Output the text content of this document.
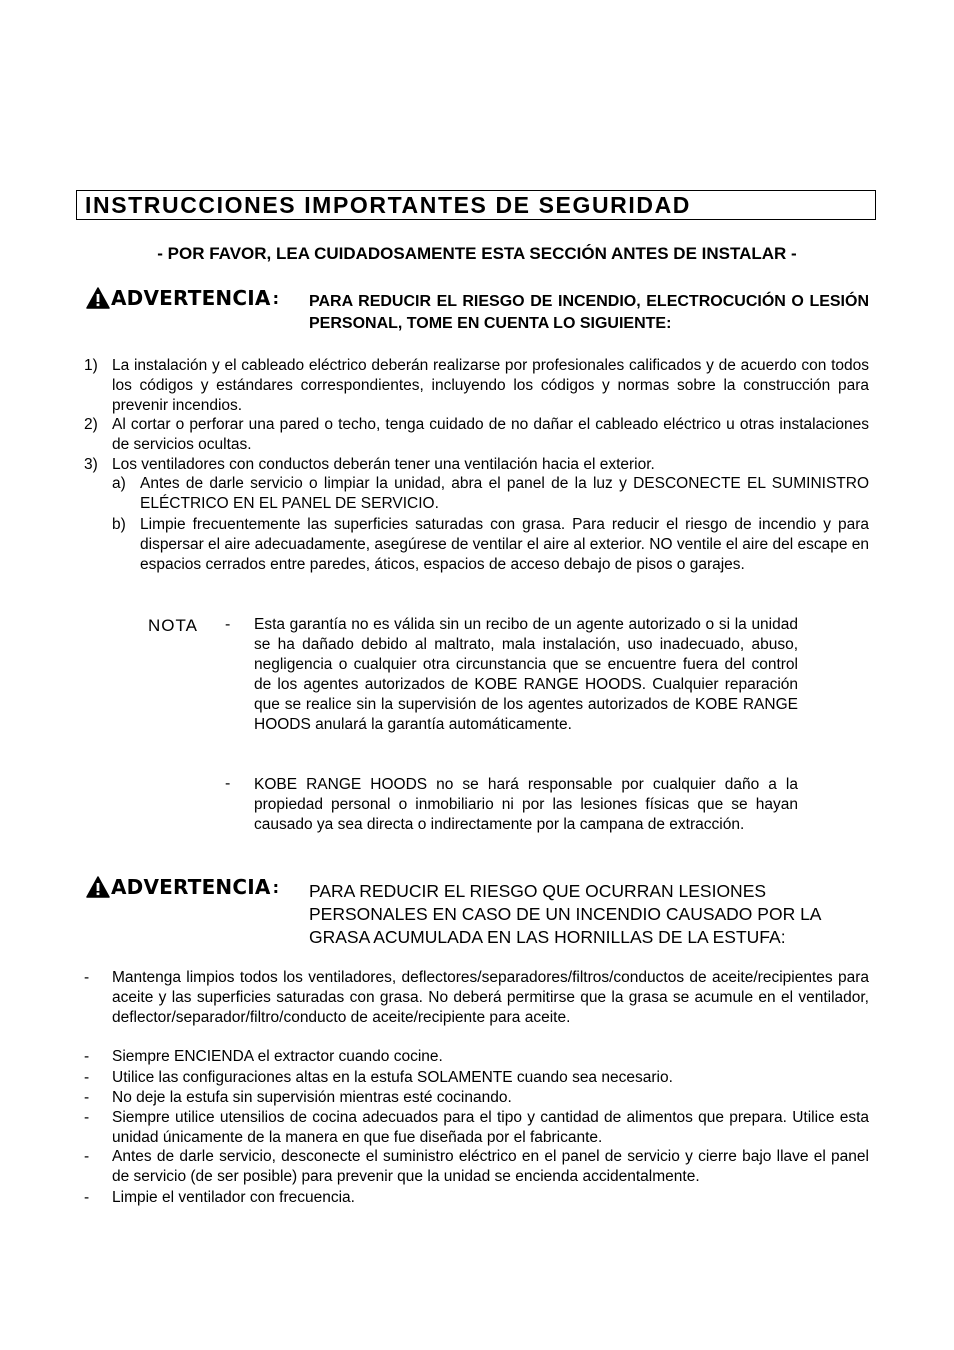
INSTRUCCIONES IMPORTANTES DE SEGURIDAD
- POR FAVOR, LEA CUIDADOSAMENTE ESTA SECCIÓN ANTES DE INSTALAR -
ADVERTENCIA : PARA REDUCIR EL RIESGO DE INCENDIO, ELECTROCUCIÓN O LESIÓN PERSONAL, TOME EN CUENTA LO SIGUIENTE:
1) La instalación y el cableado eléctrico deberán realizarse por profesionales calificados y de acuerdo con todos los códigos y estándares correspondientes, incluyendo los códigos y normas sobre la construcción para prevenir incendios.
2) Al cortar o perforar una pared o techo, tenga cuidado de no dañar el cableado eléctrico u otras instalaciones de servicios ocultas.
3) Los ventiladores con conductos deberán tener una ventilación hacia el exterior.
a) Antes de darle servicio o limpiar la unidad, abra el panel de la luz y DESCONECTE EL SUMINISTRO ELÉCTRICO EN EL PANEL DE SERVICIO.
b) Limpie frecuentemente las superficies saturadas con grasa. Para reducir el riesgo de incendio y para dispersar el aire adecuadamente, asegúrese de ventilar el aire al exterior. NO ventile el aire del escape en espacios cerrados entre paredes, áticos, espacios de acceso debajo de pisos o garajes.
NOTA - Esta garantía no es válida sin un recibo de un agente autorizado o si la unidad se ha dañado debido al maltrato, mala instalación, uso inadecuado, abuso, negligencia o cualquier otra circunstancia que se encuentre fuera del control de los agentes autorizados de KOBE RANGE HOODS. Cualquier reparación que se realice sin la supervisión de los agentes autorizados de KOBE RANGE HOODS anulará la garantía automáticamente.
- KOBE RANGE HOODS no se hará responsable por cualquier daño a la propiedad personal o inmobiliario ni por las lesiones físicas que se hayan causado ya sea directa o indirectamente por la campana de extracción.
ADVERTENCIA : PARA REDUCIR EL RIESGO QUE OCURRAN LESIONES PERSONALES EN CASO DE UN INCENDIO CAUSADO POR LA GRASA ACUMULADA EN LAS HORNILLAS DE LA ESTUFA:
- Mantenga limpios todos los ventiladores, deflectores/separadores/filtros/conductos de aceite/recipientes para aceite y las superficies saturadas con grasa. No deberá permitirse que la grasa se acumule en el ventilador, deflector/separador/filtro/conducto de aceite/recipiente para aceite.
- Siempre ENCIENDA el extractor cuando cocine.
- Utilice las configuraciones altas en la estufa SOLAMENTE cuando sea necesario.
- No deje la estufa sin supervisión mientras esté cocinando.
- Siempre utilice utensilios de cocina adecuados para el tipo y cantidad de alimentos que prepara. Utilice esta unidad únicamente de la manera en que fue diseñada por el fabricante.
- Antes de darle servicio, desconecte el suministro eléctrico en el panel de servicio y cierre bajo llave el panel de servicio (de ser posible) para prevenir que la unidad se encienda accidentalmente.
- Limpie el ventilador con frecuencia.
